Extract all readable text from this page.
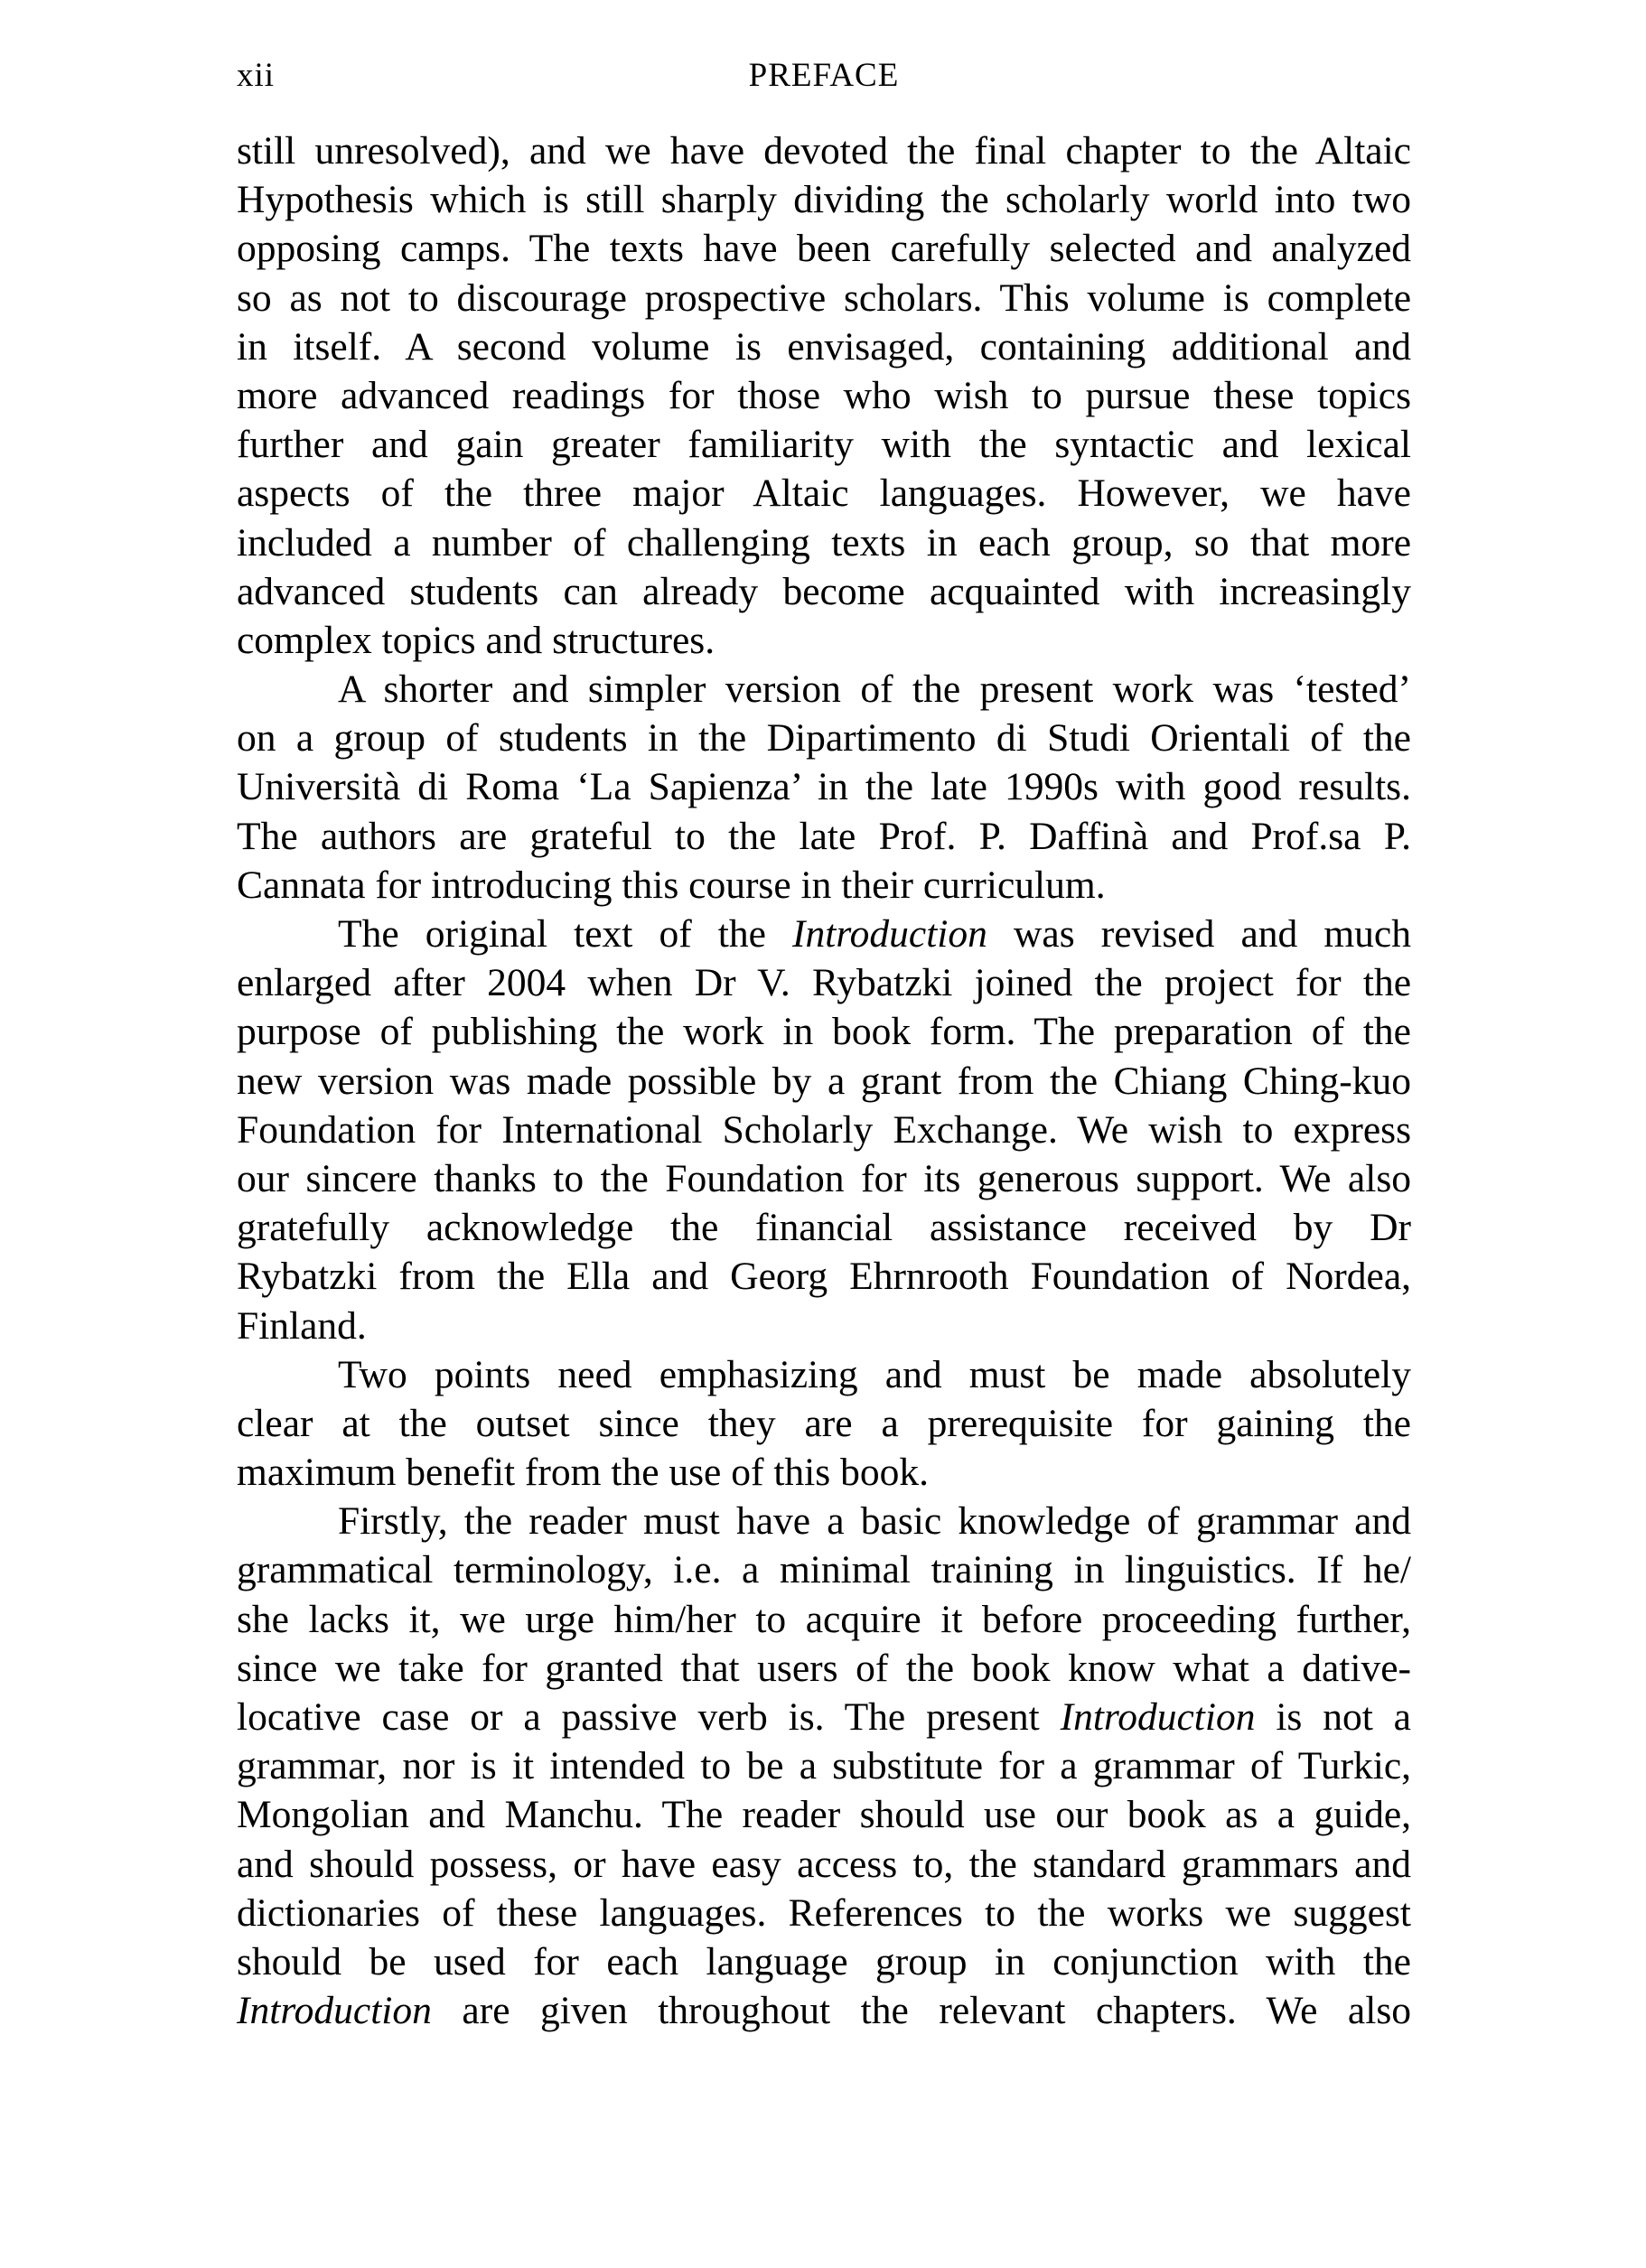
xii	PREFACE
still unresolved), and we have devoted the final chapter to the Altaic
Hypothesis which is still sharply dividing the scholarly world into two
opposing camps. The texts have been carefully selected and analyzed
so as not to discourage prospective scholars. This volume is complete
in itself. A second volume is envisaged, containing additional and
more advanced readings for those who wish to pursue these topics
further and gain greater familiarity with the syntactic and lexical
aspects of the three major Altaic languages. However, we have
included a number of challenging texts in each group, so that more
advanced students can already become acquainted with increasingly
complex topics and structures.
A shorter and simpler version of the present work was ‘tested’
on a group of students in the Dipartimento di Studi Orientali of the
Università di Roma ‘La Sapienza’ in the late 1990s with good results.
The authors are grateful to the late Prof. P. Daffinà and Prof.sa P.
Cannata for introducing this course in their curriculum.
The original text of the Introduction was revised and much
enlarged after 2004 when Dr V. Rybatzki joined the project for the
purpose of publishing the work in book form. The preparation of the
new version was made possible by a grant from the Chiang Ching-kuo
Foundation for International Scholarly Exchange. We wish to express
our sincere thanks to the Foundation for its generous support. We also
gratefully acknowledge the financial assistance received by Dr
Rybatzki from the Ella and Georg Ehrnrooth Foundation of Nordea,
Finland.
Two points need emphasizing and must be made absolutely
clear at the outset since they are a prerequisite for gaining the
maximum benefit from the use of this book.
Firstly, the reader must have a basic knowledge of grammar and
grammatical terminology, i.e. a minimal training in linguistics. If he/
she lacks it, we urge him/her to acquire it before proceeding further,
since we take for granted that users of the book know what a dative-
locative case or a passive verb is. The present Introduction is not a
grammar, nor is it intended to be a substitute for a grammar of Turkic,
Mongolian and Manchu. The reader should use our book as a guide,
and should possess, or have easy access to, the standard grammars and
dictionaries of these languages. References to the works we suggest
should be used for each language group in conjunction with the
Introduction are given throughout the relevant chapters. We also
